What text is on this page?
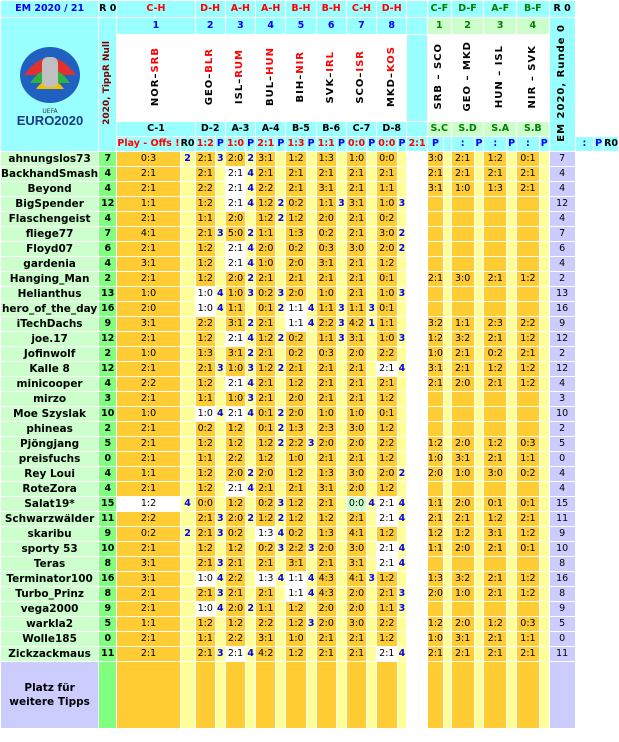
EM 2020 / 21	R 0	C-H		D-H		A-H		A-H		B-H		B-H		C-H		D-H			C-F		D-F		A-F		B-F		R 0			

UEFA
EURO2020	2020, TippR Null	1		2		3		4		5		6		7		8			1		2		3		4		EM 2020, Runde 0			
		NOR–SRB		GEO–BLR		ISL–RUM		BUL–HUN		BIH–NIR		SVK–IRL		SCO–ISR		MKD–KOS			SRB – SCO		GEO – MKD		HUN – ISL		NIR – SVK					
		C-1		D-2		A-3		A-4		B-5		B-6		C-7		D-8			S.C		S.D		S.A		S.B					
		Play - Offs !	R0	1:2	P	1:0	P	2:1	P	1:3	P	1:1	P	0:0	P	0:0	P	2:1	P		:	P	:	P	:	P		:	P	R0
ahnungslos73	7	0:3	2	2:1	3	2:0	2	3:1		1:2		1:3		1:0		0:0			3:0		2:1		1:2		0:1		7			
BackhandSmash	4	2:1		2:1		2:1	4	2:1		2:1		2:1		2:1		2:1			2:1		2:1		2:1		2:1		4			
Beyond	4	2:1		2:2		2:1	4	2:2		2:1		3:1		2:1		1:1			3:1		1:0		1:3		2:1		4			
BigSpender	12	1:1		1:2		2:1	4	1:2	2	0:2		1:1	3	3:1		1:0	3										12			
Flaschengeist	4	2:1		1:1		2:0		1:2	2	1:2		2:0		2:1		0:2											4			
fliege77	7	4:1		2:1	3	5:0	2	1:1		1:3		0:2		2:1		3:0	2										7			
Floyd07	6	2:1		1:2		2:1	4	2:0		0:2		0:3		3:0		2:0	2										6			
gardenia	4	3:1		1:2		2:1	4	1:0		2:0		3:1		2:1		1:2											4			
Hanging_Man	2	2:1		1:2		2:0	2	2:1		2:1		2:1		2:1		0:1			2:1		3:0		2:1		1:2		2			
Helianthus	13	1:0		1:0	4	1:0	3	0:2	3	2:0		1:0		2:1		1:0	3										13			
hero_of_the_day	16	2:0		1:0	4	1:1		0:1	2	1:1	4	1:1	3	1:1	3	0:1											16			
iTechDachs	9	3:1		2:2		3:1	2	2:1		1:1	4	2:2	3	4:2	1	1:1			3:2		1:1		2:3		2:2		9			
joe.17	12	2:1		1:2		2:1	4	1:2	2	0:2		1:1	3	3:1		1:0	3		1:2		3:2		2:1		1:2		12			
Jofinwolf	2	1:0		1:3		3:1	2	2:1		0:2		0:3		2:0		2:2			1:0		2:1		0:2		2:1		2			
Kalle 8	12	2:1		2:1	3	1:0	3	1:2	2	2:1		2:1		2:1		2:1	4		3:1		2:1		1:2		1:2		12			
minicooper	4	2:2		1:2		2:1	4	2:1		1:2		2:1		2:1		2:1			2:1		2:0		2:1		1:2		4			
mirzo	3	2:1		1:1		1:0	3	2:1		2:0		2:1		2:1		1:2											3			
Moe Szyslak	10	1:0		1:0	4	2:1	4	0:1	2	2:0		1:0		1:0		0:1											10			
phineas	2	2:1		0:2		1:2		0:1	2	1:3		2:3		3:0		1:2											2			
Pjöngjang	5	2:1		1:2		1:2		1:2	2	2:2	3	2:0		2:0		2:2			1:2		2:0		1:2		0:3		5			
preisfuchs	0	2:1		1:1		2:2		1:2		1:0		2:1		2:1		1:2			1:0		3:1		2:1		1:1		0			
Rey Loui	4	1:1		1:2		2:0	2	2:0		1:2		1:3		3:0		2:0	2		2:0		1:0		3:0		0:2		4			
RoteZora	4	2:1		1:2		2:1	4	2:1		2:1		3:1		2:0		1:2											4			
Salat19*	15	1:2	4	0:0		1:2		0:2	3	1:2		2:1		0:0	4	2:1	4		1:1		2:0		0:1		0:1		15			
Schwarzwälder	11	2:2		2:1	3	2:0	2	1:2	2	1:2		1:2		2:1		2:1	4		2:1		2:1		1:2		2:1		11			
skaribu	9	0:2	2	2:1	3	0:2		1:3	4	0:2		1:3		4:1		1:2			1:2		1:2		3:1		1:2		9			
sporty 53	10	2:1		1:2		1:2		0:2	3	2:2	3	2:0		3:0		2:1	4		1:1		2:0		2:1		0:1		10			
Teras	8	3:1		2:1	3	2:1		2:1		3:1		2:1		3:1		2:1	4										8			
Terminator100	16	3:1		1:0	4	2:2		1:3	4	1:1	4	4:3		4:1	3	1:2			1:3		3:2		2:1		1:2		16			
Turbo_Prinz	8	2:1		2:1	3	2:1		2:1		1:1	4	4:3		2:0		2:1	3		2:0		1:0		2:1		1:2		8			
vega2000	9	2:1		1:0	4	2:0	2	1:1		1:2		2:0		2:0		1:1	3										9			
warkla2	5	1:1		1:2		1:2		2:2		1:2	3	2:0		3:0		2:2			1:2		2:0		1:2		0:3		5			
Wolle185	0	2:1		1:1		2:2		3:1		1:0		2:1		2:1		1:2			1:0		3:1		2:1		1:1		0			
Zickzackmaus	11	2:1		2:1	3	2:1	4	4:2		1:2		2:1		2:1		2:1	4		2:1		2:1		2:1		2:1		11			
Platz für weitere Tipps																														
